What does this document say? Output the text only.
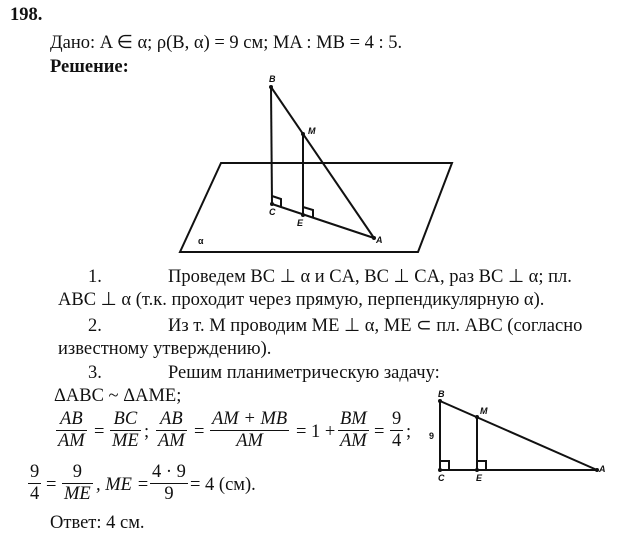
198.
Дано: A ∈ α; ρ(B, α) = 9 см; MA : MB = 4 : 5.
Решение:
B
M
C
E
A
α
1.	Проведем BC ⊥ α и CA, BC ⊥ CA, раз BC ⊥ α; пл.
ABC ⊥ α (т.к. проходит через прямую, перпендикулярную α).
2.	Из т. M проводим ME ⊥ α, ME ⊂ пл. ABC (согласно
известному утверждению).
3.	Решим планиметрическую задачу:
ΔABC ~ ΔAME;
AB
AM =
BC
ME ;
AB
AM =
AM + MB
AM = 1 +
BM
AM =
9
4 ;
9
4 =
9
ME , ME =
4 · 9
9 = 4 (см).
Ответ: 4 см.
B
M
C	E
A
9
